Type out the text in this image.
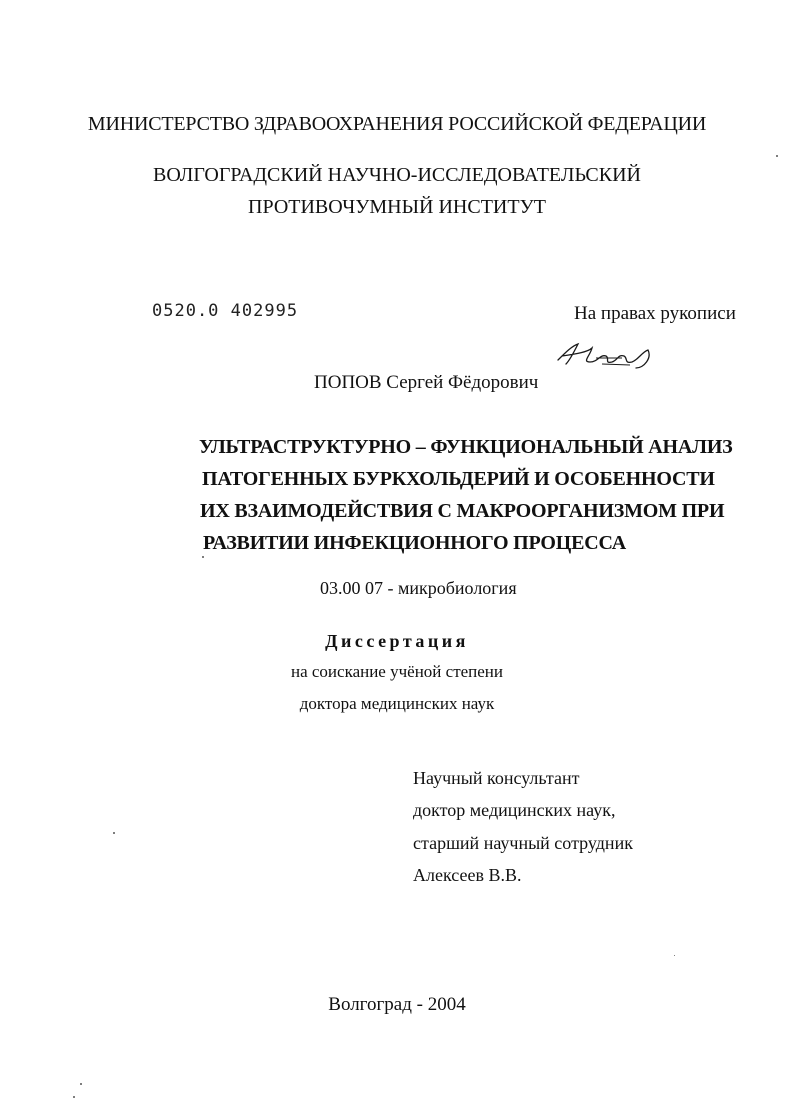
МИНИСТЕРСТВО ЗДРАВООХРАНЕНИЯ РОССИЙСКОЙ ФЕДЕРАЦИИ
ВОЛГОГРАДСКИЙ НАУЧНО-ИССЛЕДОВАТЕЛЬСКИЙ
ПРОТИВОЧУМНЫЙ ИНСТИТУТ
0520.0 402995	На правах рукописи
ПОПОВ Сергей Фёдорович
УЛЬТРАСТРУКТУРНО – ФУНКЦИОНАЛЬНЫЙ АНАЛИЗ
ПАТОГЕННЫХ БУРКХОЛЬДЕРИЙ И ОСОБЕННОСТИ
ИХ ВЗАИМОДЕЙСТВИЯ С МАКРООРГАНИЗМОМ ПРИ
РАЗВИТИИ ИНФЕКЦИОННОГО ПРОЦЕССА
03.00 07 - микробиология
Диссертация
на соискание учёной степени
доктора медицинских наук
Научный консультант
доктор медицинских наук,
старший научный сотрудник
Алексеев В.В.
Волгоград - 2004
